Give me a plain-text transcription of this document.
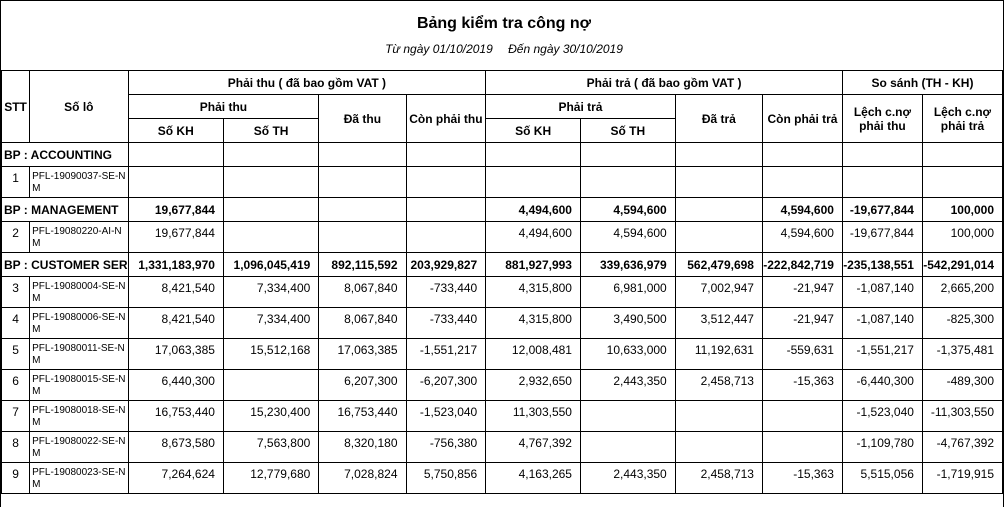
Bảng kiểm tra công nợ
Từ ngày 01/10/2019 Đến ngày 30/10/2019
STT	Số lô	Phải thu ( đã bao gồm VAT )				Phải trả ( đã bao gồm VAT )				So sánh (TH - KH)	
		Phải thu		Đã thu	Còn phải thu	Phải trả		Đã trả	Còn phải trả	Lệch c.nợ phải thu	Lệch c.nợ phải trả
		Số KH	Số TH			Số KH	Số TH				
BP : ACCOUNTING											
1	PFL-19090037-SE-NM										
BP : MANAGEMENT		19,677,844				4,494,600	4,594,600		4,594,600	-19,677,844	100,000
2	PFL-19080220-AI-NM	19,677,844				4,494,600	4,594,600		4,594,600	-19,677,844	100,000
BP : CUSTOMER SER		1,331,183,970	1,096,045,419	892,115,592	203,929,827	881,927,993	339,636,979	562,479,698	-222,842,719	-235,138,551	-542,291,014
3	PFL-19080004-SE-NM	8,421,540	7,334,400	8,067,840	-733,440	4,315,800	6,981,000	7,002,947	-21,947	-1,087,140	2,665,200
4	PFL-19080006-SE-NM	8,421,540	7,334,400	8,067,840	-733,440	4,315,800	3,490,500	3,512,447	-21,947	-1,087,140	-825,300
5	PFL-19080011-SE-NM	17,063,385	15,512,168	17,063,385	-1,551,217	12,008,481	10,633,000	11,192,631	-559,631	-1,551,217	-1,375,481
6	PFL-19080015-SE-NM	6,440,300		6,207,300	-6,207,300	2,932,650	2,443,350	2,458,713	-15,363	-6,440,300	-489,300
7	PFL-19080018-SE-NM	16,753,440	15,230,400	16,753,440	-1,523,040	11,303,550				-1,523,040	-11,303,550
8	PFL-19080022-SE-NM	8,673,580	7,563,800	8,320,180	-756,380	4,767,392				-1,109,780	-4,767,392
9	PFL-19080023-SE-NM	7,264,624	12,779,680	7,028,824	5,750,856	4,163,265	2,443,350	2,458,713	-15,363	5,515,056	-1,719,915
